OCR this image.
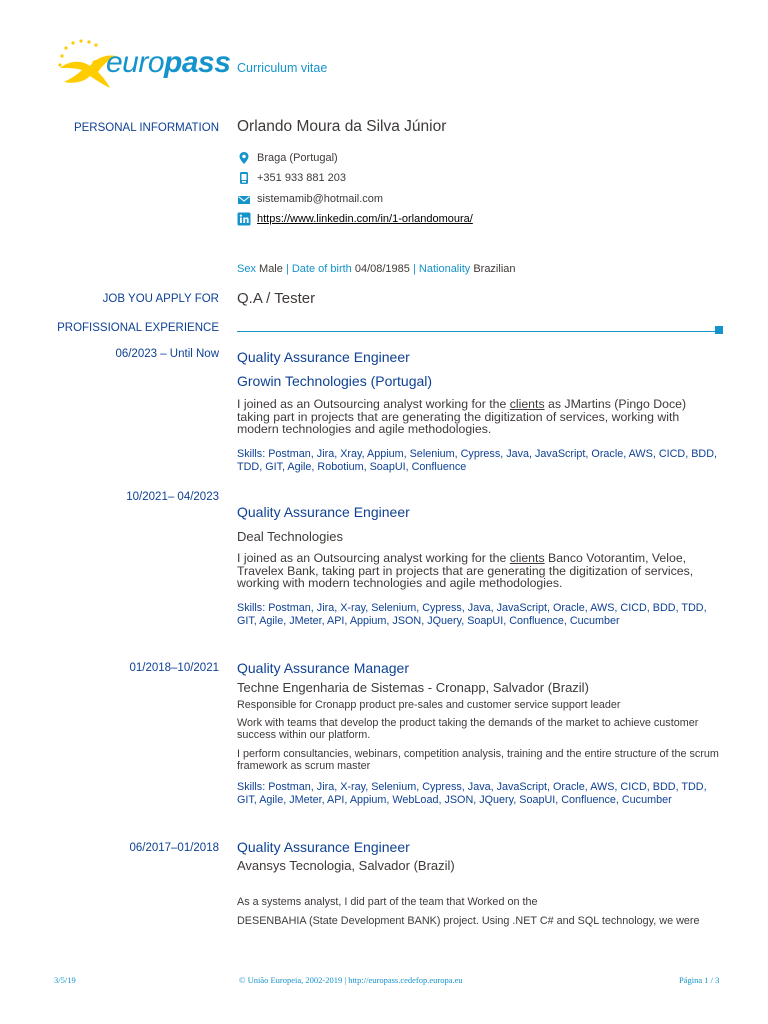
europass Curriculum vitae
PERSONAL INFORMATION Orlando Moura da Silva Júnior
Braga (Portugal)
+351 933 881 203
sistemamib@hotmail.com
https://www.linkedin.com/in/1-orlandomoura/
Sex Male | Date of birth 04/08/1985 | Nationality Brazilian
JOB YOU APPLY FOR Q.A / Tester
PROFISSIONAL EXPERIENCE
06/2023 – Until Now Quality Assurance Engineer
Growin Technologies (Portugal)
I joined as an Outsourcing analyst working for the clients as JMartins (Pingo Doce) taking part in projects that are generating the digitization of services, working with modern technologies and agile methodologies.
Skills: Postman, Jira, Xray, Appium, Selenium, Cypress, Java, JavaScript, Oracle, AWS, CICD, BDD, TDD, GIT, Agile, Robotium, SoapUI, Confluence
10/2021– 04/2023
Quality Assurance Engineer
Deal Technologies
I joined as an Outsourcing analyst working for the clients Banco Votorantim, Veloe, Travelex Bank, taking part in projects that are generating the digitization of services, working with modern technologies and agile methodologies.
Skills: Postman, Jira, X-ray, Selenium, Cypress, Java, JavaScript, Oracle, AWS, CICD, BDD, TDD, GIT, Agile, JMeter, API, Appium, JSON, JQuery, SoapUI, Confluence, Cucumber
01/2018–10/2021 Quality Assurance Manager
Techne Engenharia de Sistemas - Cronapp, Salvador (Brazil)
Responsible for Cronapp product pre-sales and customer service support leader
Work with teams that develop the product taking the demands of the market to achieve customer success within our platform.
I perform consultancies, webinars, competition analysis, training and the entire structure of the scrum framework as scrum master
Skills: Postman, Jira, X-ray, Selenium, Cypress, Java, JavaScript, Oracle, AWS, CICD, BDD, TDD, GIT, Agile, JMeter, API, Appium, WebLoad, JSON, JQuery, SoapUI, Confluence, Cucumber
06/2017–01/2018 Quality Assurance Engineer
Avansys Tecnologia, Salvador (Brazil)
As a systems analyst, I did part of the team that Worked on the
DESENBAHIA (State Development BANK) project. Using .NET C# and SQL technology, we were
3/5/19	© União Europeia, 2002-2019 | http://europass.cedefop.europa.eu	Página 1 / 3
